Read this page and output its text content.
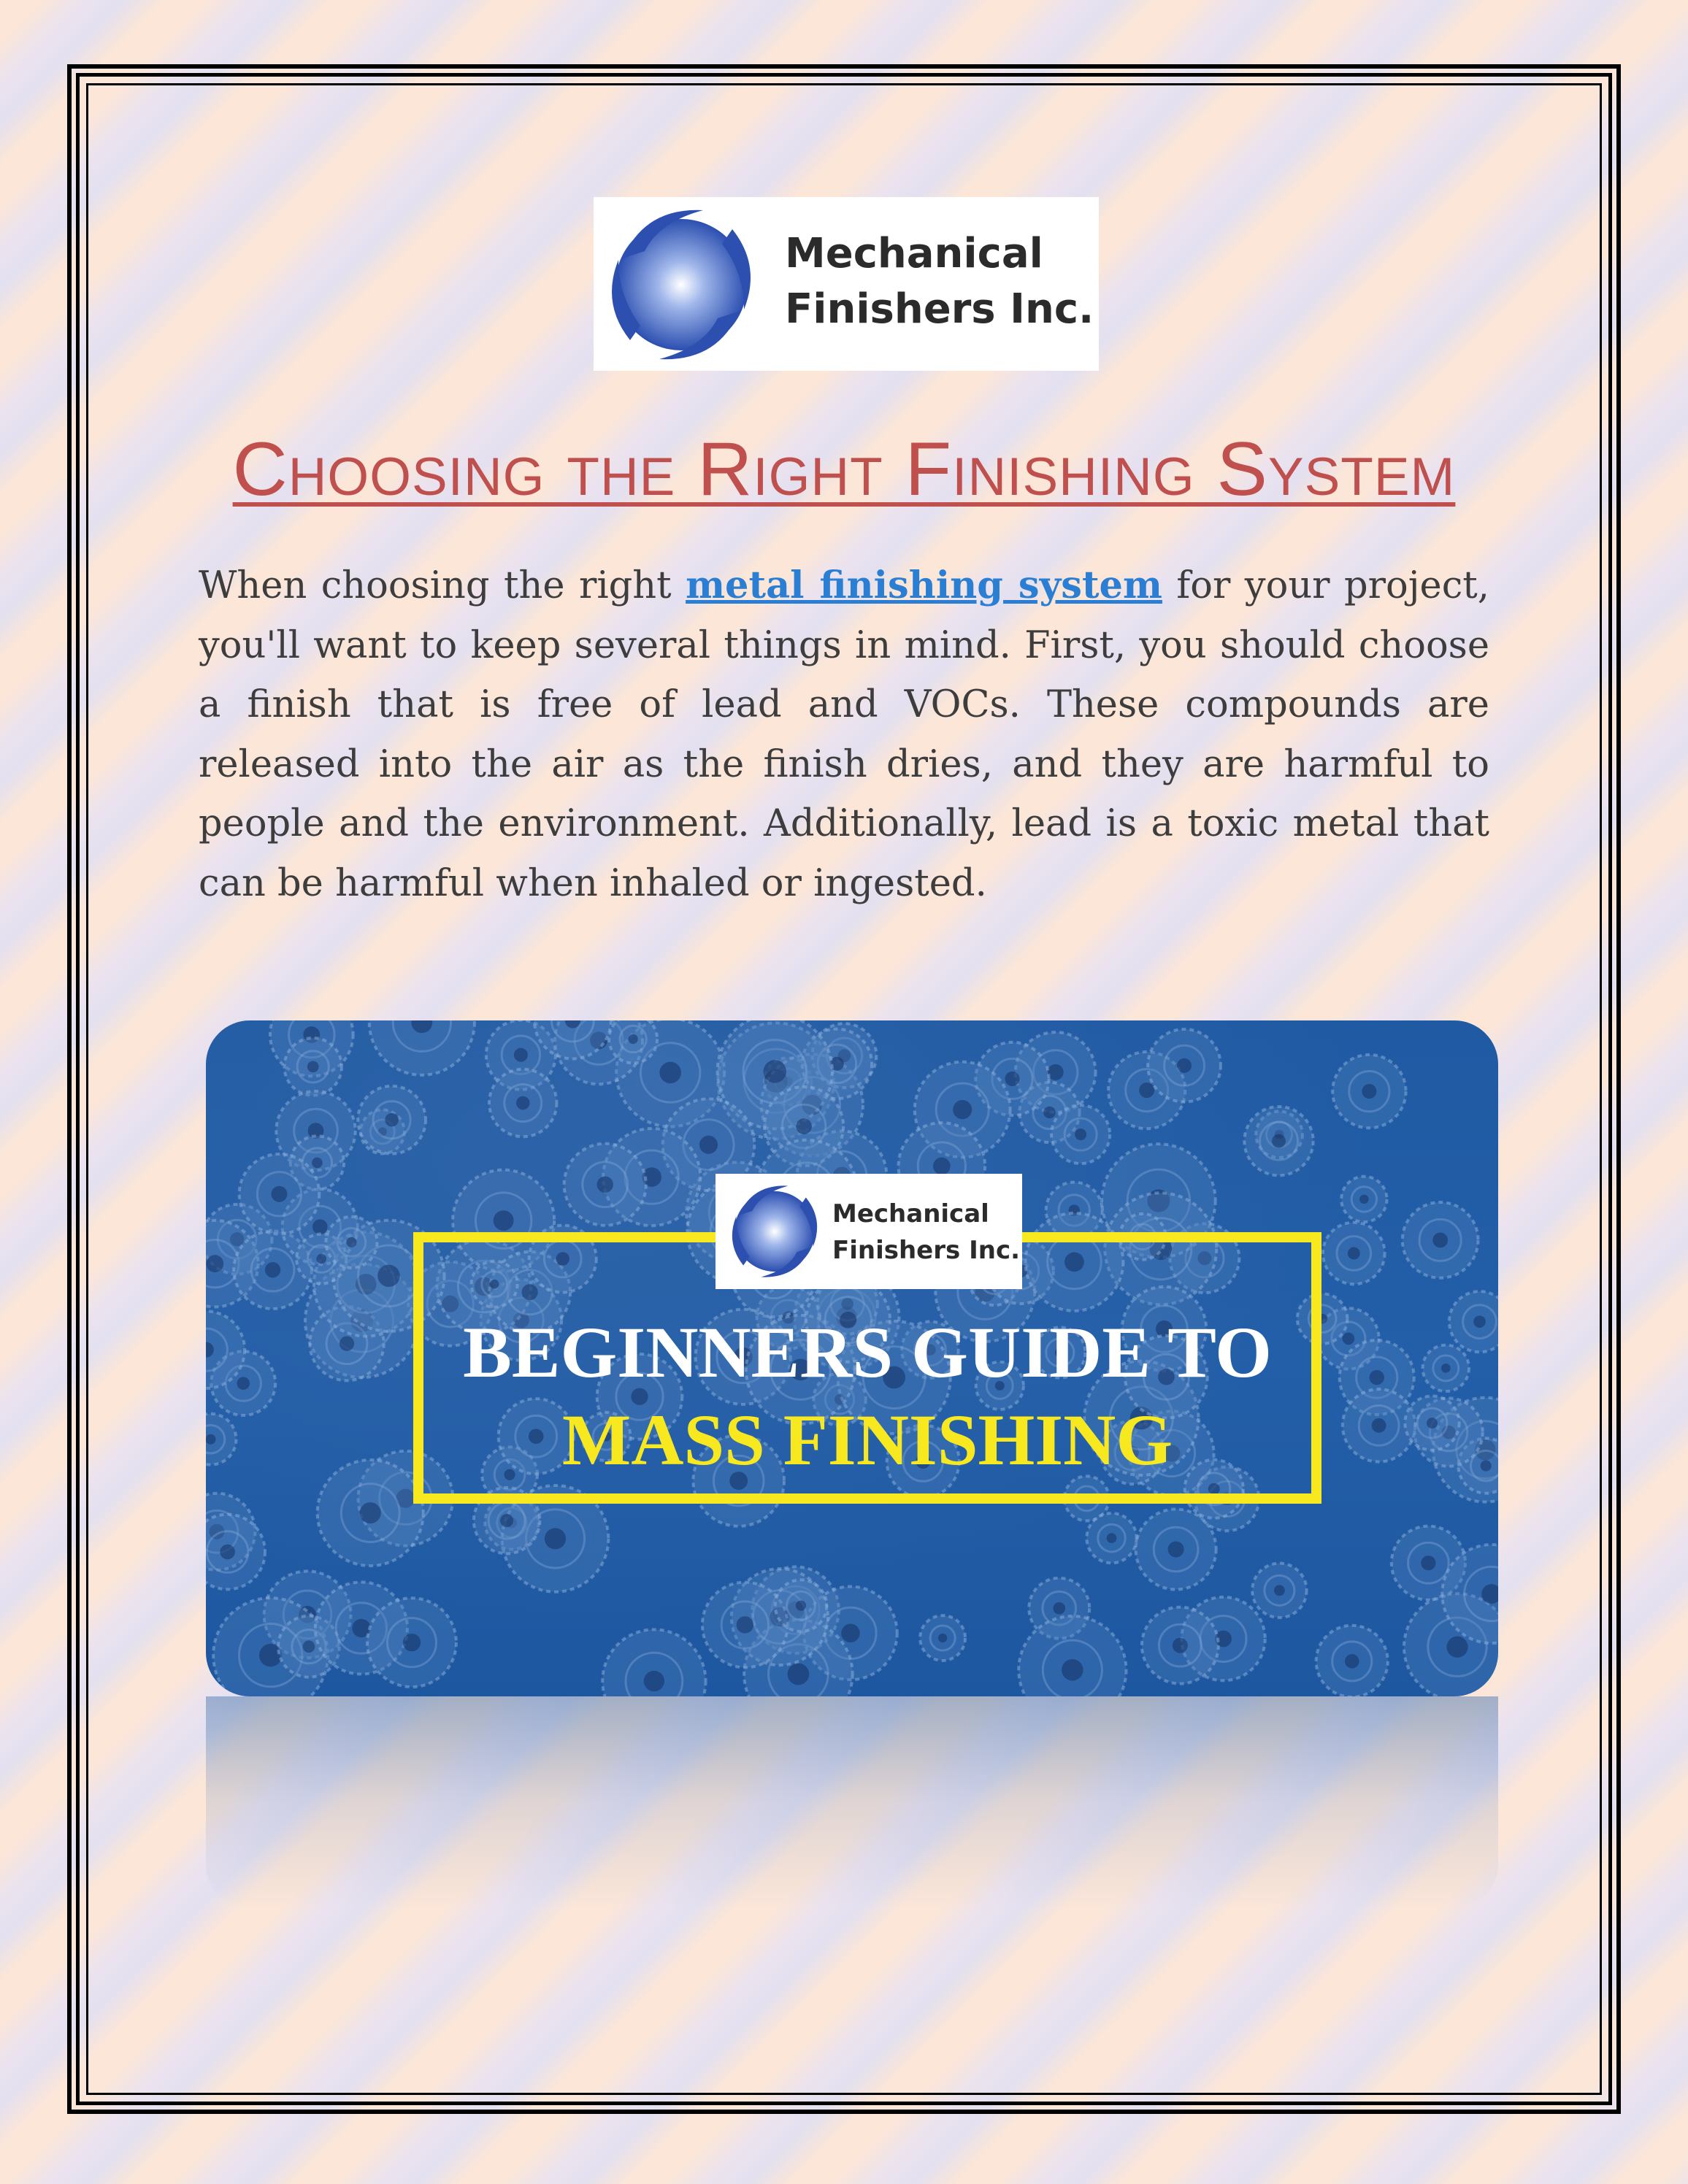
Mechanical
Finishers Inc.
Choosing the Right Finishing System

When choosing the right metal finishing system for your project, you'll want to keep several things in mind. First, you should choose a finish that is free of lead and VOCs. These compounds are released into the air as the finish dries, and they are harmful to people and the environment. Additionally, lead is a toxic metal that can be harmful when inhaled or ingested.

Mechanical
Finishers Inc.

BEGINNERS GUIDE TO

MASS FINISHING
